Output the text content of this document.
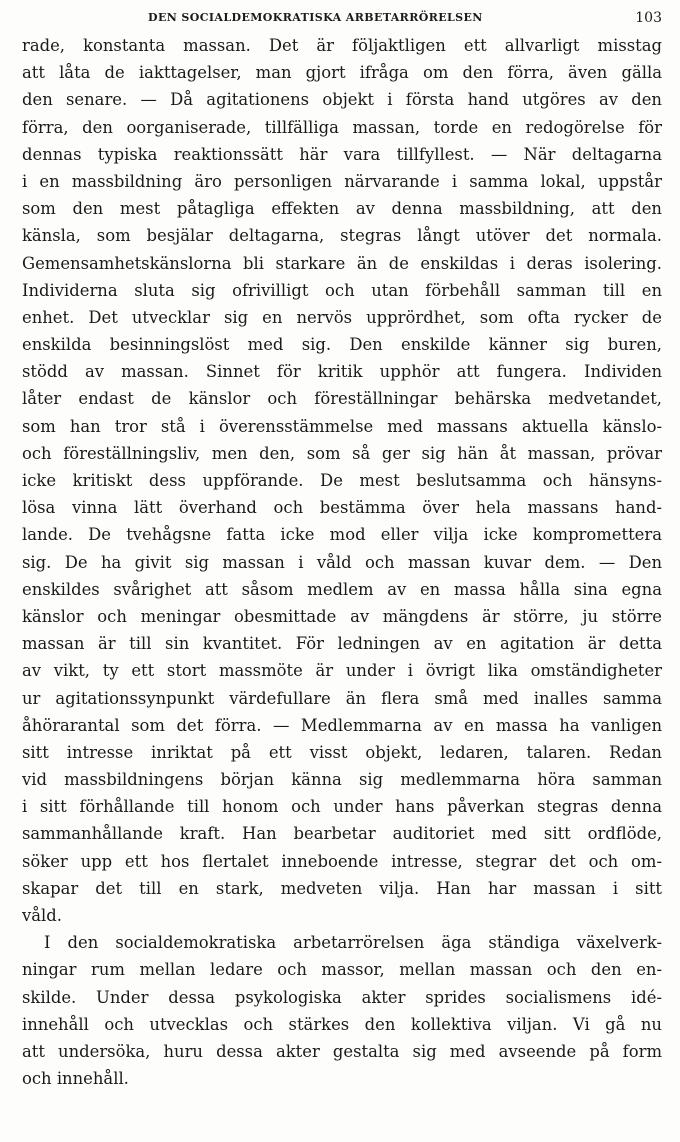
DEN SOCIALDEMOKRATISKA ARBETARRÖRELSEN	103
rade, konstanta massan. Det är följaktligen ett allvarligt misstag
att låta de iakttagelser, man gjort ifråga om den förra, även gälla
den senare. — Då agitationens objekt i första hand utgöres av den
förra, den oorganiserade, tillfälliga massan, torde en redogörelse för
dennas typiska reaktionssätt här vara tillfyllest. — När deltagarna
i en massbildning äro personligen närvarande i samma lokal, uppstår
som den mest påtagliga effekten av denna massbildning, att den
känsla, som besjälar deltagarna, stegras långt utöver det normala.
Gemensamhetskänslorna bli starkare än de enskildas i deras isolering.
Individerna sluta sig ofrivilligt och utan förbehåll samman till en
enhet. Det utvecklar sig en nervös upprördhet, som ofta rycker de
enskilda besinningslöst med sig. Den enskilde känner sig buren,
stödd av massan. Sinnet för kritik upphör att fungera. Individen
låter endast de känslor och föreställningar behärska medvetandet,
som han tror stå i överensstämmelse med massans aktuella känslo-
och föreställningsliv, men den, som så ger sig hän åt massan, prövar
icke kritiskt dess uppförande. De mest beslutsamma och hänsyns-
lösa vinna lätt överhand och bestämma över hela massans hand-
lande. De tvehågsne fatta icke mod eller vilja icke kompromettera
sig. De ha givit sig massan i våld och massan kuvar dem. — Den
enskildes svårighet att såsom medlem av en massa hålla sina egna
känslor och meningar obesmittade av mängdens är större, ju större
massan är till sin kvantitet. För ledningen av en agitation är detta
av vikt, ty ett stort massmöte är under i övrigt lika omständigheter
ur agitationssynpunkt värdefullare än flera små med inalles samma
åhörarantal som det förra. — Medlemmarna av en massa ha vanligen
sitt intresse inriktat på ett visst objekt, ledaren, talaren. Redan
vid massbildningens början känna sig medlemmarna höra samman
i sitt förhållande till honom och under hans påverkan stegras denna
sammanhållande kraft. Han bearbetar auditoriet med sitt ordflöde,
söker upp ett hos flertalet inneboende intresse, stegrar det och om-
skapar det till en stark, medveten vilja. Han har massan i sitt
våld.
I den socialdemokratiska arbetarrörelsen äga ständiga växelverk-
ningar rum mellan ledare och massor, mellan massan och den en-
skilde. Under dessa psykologiska akter sprides socialismens idé-
innehåll och utvecklas och stärkes den kollektiva viljan. Vi gå nu
att undersöka, huru dessa akter gestalta sig med avseende på form
och innehåll.
